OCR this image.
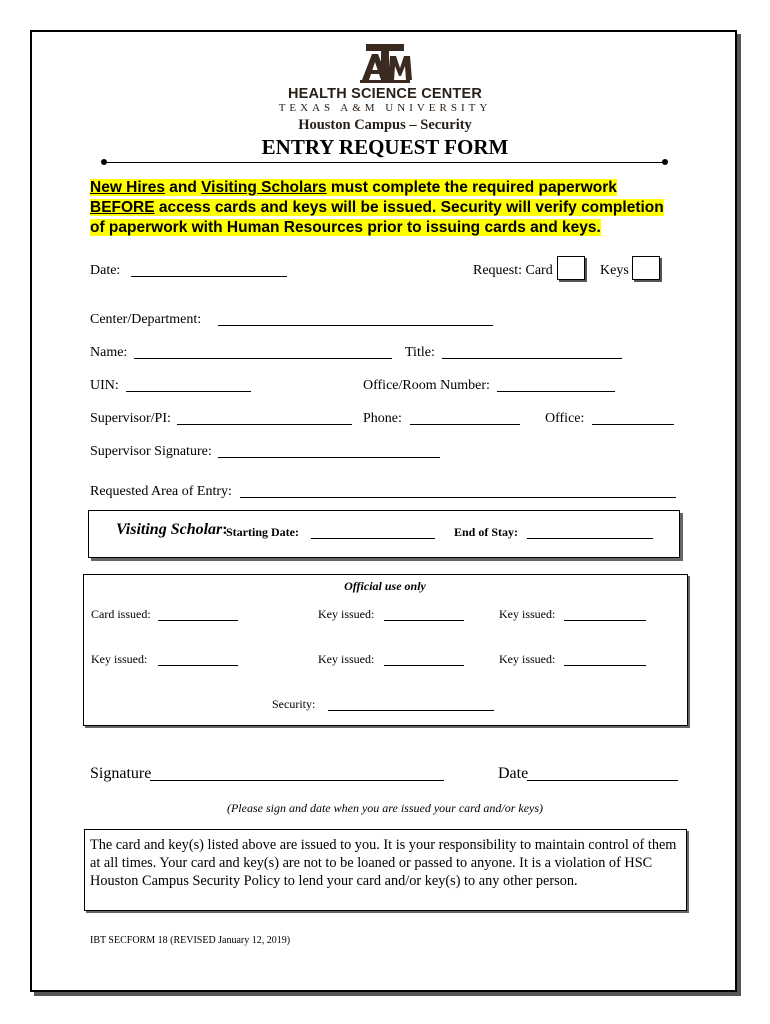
HEALTH SCIENCE CENTER
TEXAS A&M UNIVERSITY
Houston Campus – Security
ENTRY REQUEST FORM
New Hires and Visiting Scholars must complete the required paperwork BEFORE access cards and keys will be issued. Security will verify completion of paperwork with Human Resources prior to issuing cards and keys.
Date:	Request: Card	Keys
Center/Department:
Name:	Title:
UIN:	Office/Room Number:
Supervisor/PI:	Phone:	Office:
Supervisor Signature:
Requested Area of Entry:
Visiting Scholar:
Starting Date:	End of Stay:
Official use only
Card issued:	Key issued:	Key issued:
Key issued:	Key issued:	Key issued:
Security:
Signature	Date
(Please sign and date when you are issued your card and/or keys)
The card and key(s) listed above are issued to you. It is your responsibility to maintain control of them at all times. Your card and key(s) are not to be loaned or passed to anyone. It is a violation of HSC Houston Campus Security Policy to lend your card and/or key(s) to any other person.
IBT SECFORM 18 (REVISED January 12, 2019)
